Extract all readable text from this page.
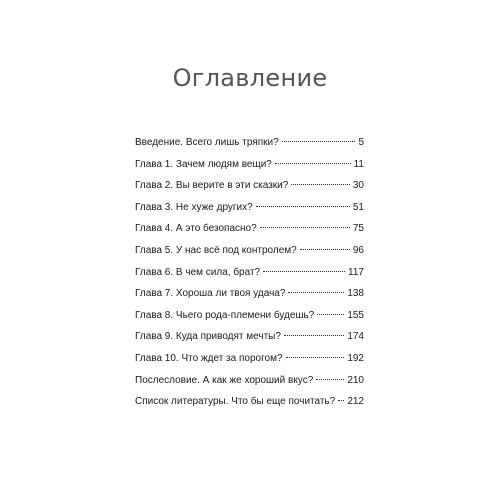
Оглавление
Введение. Всего лишь тряпки?	5
Глава 1. Зачем людям вещи?	11
Глава 2. Вы верите в эти сказки?	30
Глава 3. Не хуже других?	51
Глава 4. А это безопасно?	75
Глава 5. У нас всё под контролем?	96
Глава 6. В чем сила, брат?	117
Глава 7. Хороша ли твоя удача?	138
Глава 8. Чьего рода-племени будешь?	155
Глава 9. Куда приводят мечты?	174
Глава 10. Что ждет за порогом?	192
Послесловие. А как же хороший вкус?	210
Список литературы. Что бы еще почитать? 212
